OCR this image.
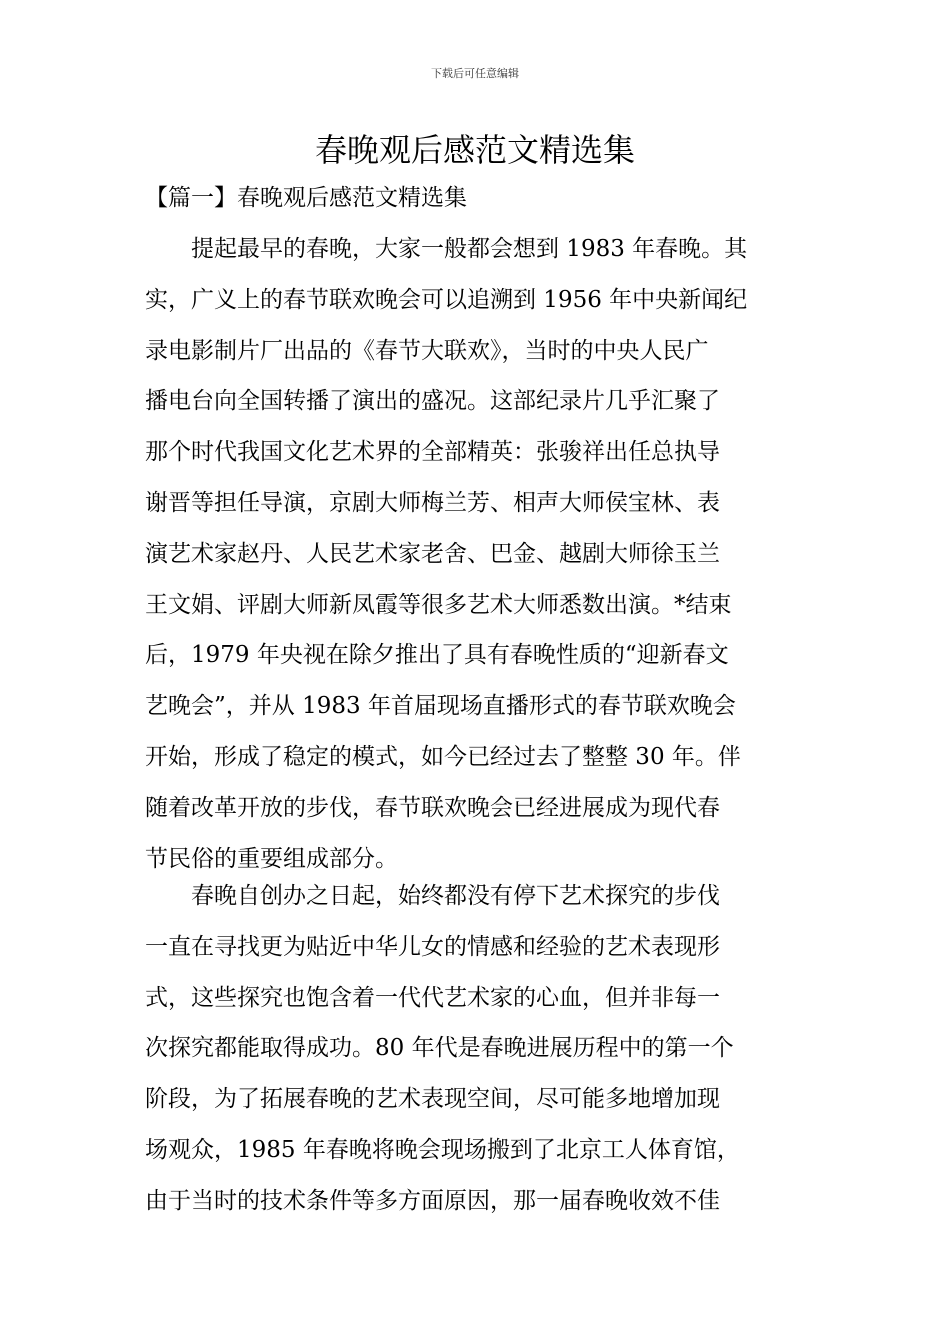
下载后可任意编辑
春晚观后感范文精选集
【篇一】春晚观后感范文精选集
　　提起最早的春晚，大家一般都会想到 1983 年春晚。其
实，广义上的春节联欢晚会可以追溯到 1956 年中央新闻纪
录电影制片厂出品的《春节大联欢》，当时的中央人民广
播电台向全国转播了演出的盛况。这部纪录片几乎汇聚了
那个时代我国文化艺术界的全部精英：张骏祥出任总执导
谢晋等担任导演，京剧大师梅兰芳、相声大师侯宝林、表
演艺术家赵丹、人民艺术家老舍、巴金、越剧大师徐玉兰
王文娟、评剧大师新凤霞等很多艺术大师悉数出演。*结束
后，1979 年央视在除夕推出了具有春晚性质的“迎新春文
艺晚会”，并从 1983 年首届现场直播形式的春节联欢晚会
开始，形成了稳定的模式，如今已经过去了整整 30 年。伴
随着改革开放的步伐，春节联欢晚会已经进展成为现代春
节民俗的重要组成部分。
　　春晚自创办之日起，始终都没有停下艺术探究的步伐
一直在寻找更为贴近中华儿女的情感和经验的艺术表现形
式，这些探究也饱含着一代代艺术家的心血，但并非每一
次探究都能取得成功。80 年代是春晚进展历程中的第一个
阶段，为了拓展春晚的艺术表现空间，尽可能多地增加现
场观众，1985 年春晚将晚会现场搬到了北京工人体育馆，
由于当时的技术条件等多方面原因，那一届春晚收效不佳
